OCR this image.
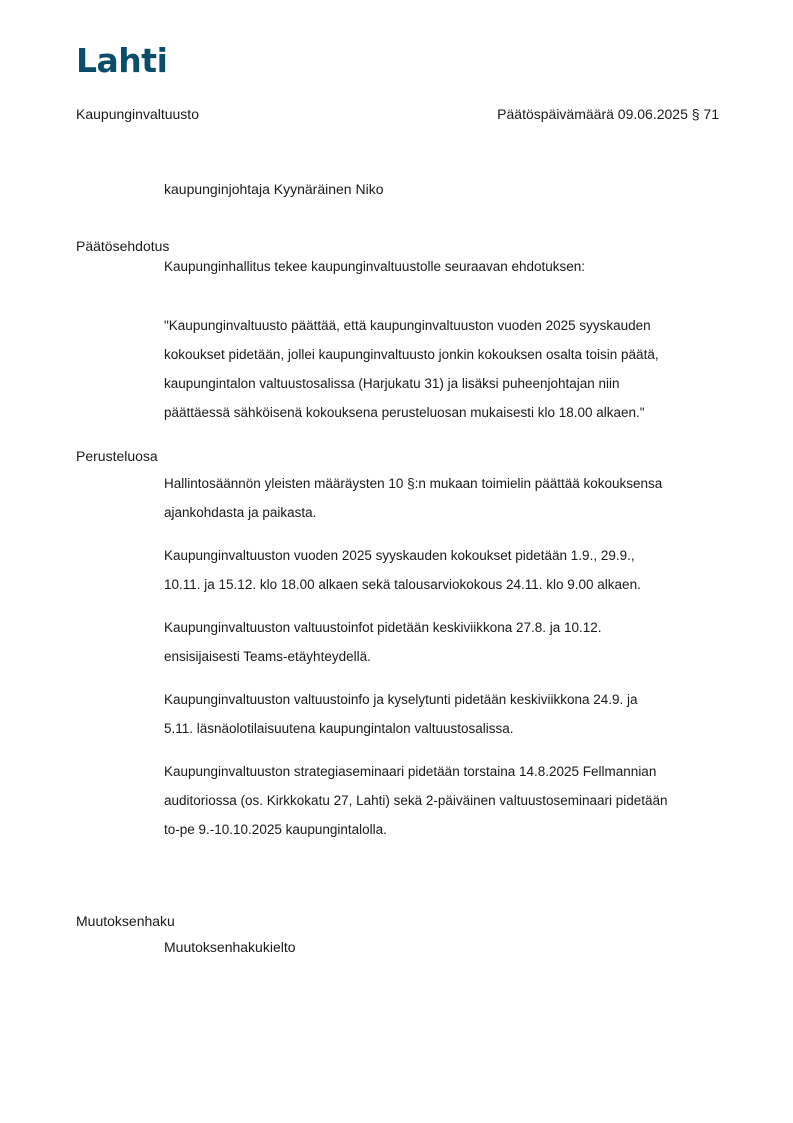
Lahti
Kaupunginvaltuusto	Päätöspäivämäärä 09.06.2025 § 71
kaupunginjohtaja Kyynäräinen Niko
Päätösehdotus
Kaupunginhallitus tekee kaupunginvaltuustolle seuraavan ehdotuksen:
"Kaupunginvaltuusto päättää, että kaupunginvaltuuston vuoden 2025 syyskauden
kokoukset pidetään, jollei kaupunginvaltuusto jonkin kokouksen osalta toisin päätä,
kaupungintalon valtuustosalissa (Harjukatu 31) ja lisäksi puheenjohtajan niin
päättäessä sähköisenä kokouksena perusteluosan mukaisesti klo 18.00 alkaen."
Perusteluosa
Hallintosäännön yleisten määräysten 10 §:n mukaan toimielin päättää kokouksensa
ajankohdasta ja paikasta.
Kaupunginvaltuuston vuoden 2025 syyskauden kokoukset pidetään 1.9., 29.9.,
10.11. ja 15.12. klo 18.00 alkaen sekä talousarviokokous 24.11. klo 9.00 alkaen.
Kaupunginvaltuuston valtuustoinfot pidetään keskiviikkona 27.8. ja 10.12.
ensisijaisesti Teams-etäyhteydellä.
Kaupunginvaltuuston valtuustoinfo ja kyselytunti pidetään keskiviikkona 24.9. ja
5.11. läsnäolotilaisuutena kaupungintalon valtuustosalissa.
Kaupunginvaltuuston strategiaseminaari pidetään torstaina 14.8.2025 Fellmannian
auditoriossa (os. Kirkkokatu 27, Lahti) sekä 2-päiväinen valtuustoseminaari pidetään
to-pe 9.-10.10.2025 kaupungintalolla.
Muutoksenhaku
Muutoksenhakukielto
